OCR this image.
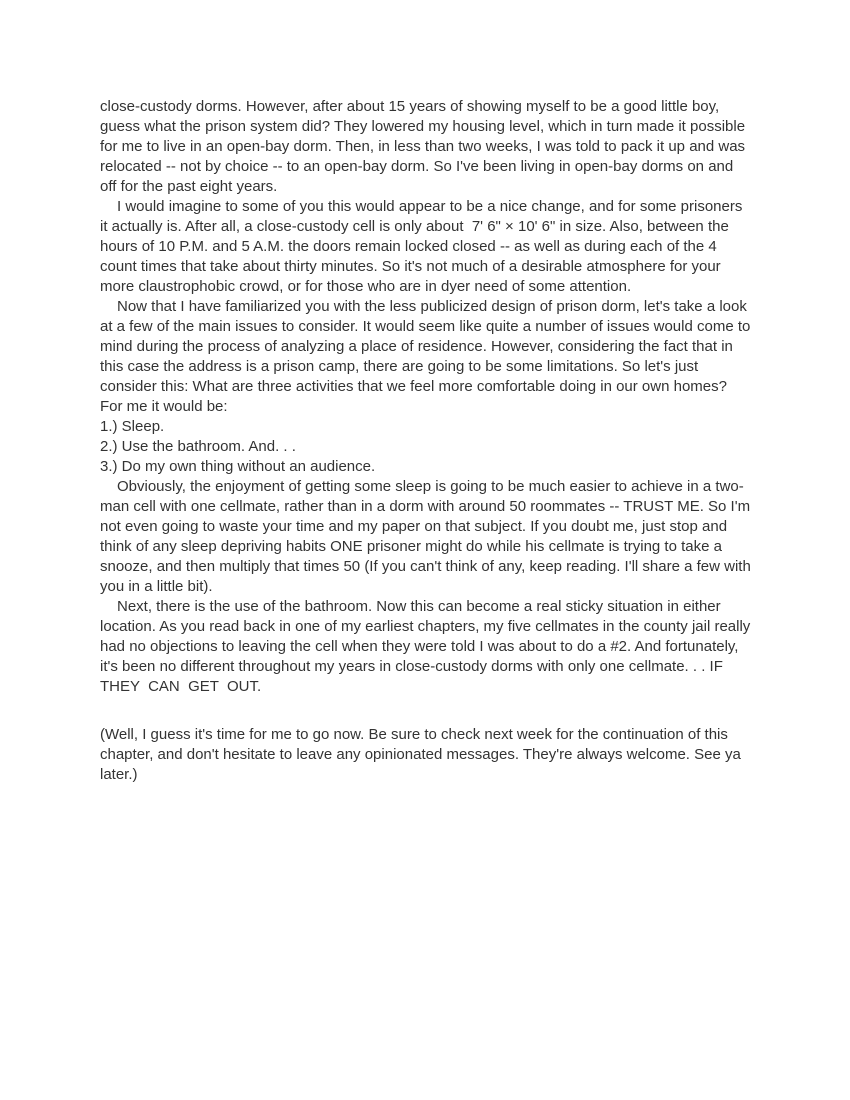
close-custody dorms. However, after about 15 years of showing myself to be a good little boy, guess what the prison system did? They lowered my housing level, which in turn made it possible for me to live in an open-bay dorm. Then, in less than two weeks, I was told to pack it up and was relocated -- not by choice -- to an open-bay dorm. So I've been living in open-bay dorms on and off for the past eight years.

I would imagine to some of you this would appear to be a nice change, and for some prisoners it actually is. After all, a close-custody cell is only about  7' 6" × 10' 6" in size. Also, between the hours of 10 P.M. and 5 A.M. the doors remain locked closed -- as well as during each of the 4 count times that take about thirty minutes. So it's not much of a desirable atmosphere for your more claustrophobic crowd, or for those who are in dyer need of some attention.

Now that I have familiarized you with the less publicized design of prison dorm, let's take a look at a few of the main issues to consider. It would seem like quite a number of issues would come to mind during the process of analyzing a place of residence. However, considering the fact that in this case the address is a prison camp, there are going to be some limitations. So let's just consider this: What are three activities that we feel more comfortable doing in our own homes? For me it would be:

1.) Sleep.

2.) Use the bathroom. And. . .

3.) Do my own thing without an audience.

Obviously, the enjoyment of getting some sleep is going to be much easier to achieve in a two-man cell with one cellmate, rather than in a dorm with around 50 roommates -- TRUST ME. So I'm not even going to waste your time and my paper on that subject. If you doubt me, just stop and think of any sleep depriving habits ONE prisoner might do while his cellmate is trying to take a snooze, and then multiply that times 50 (If you can't think of any, keep reading. I'll share a few with you in a little bit).

Next, there is the use of the bathroom. Now this can become a real sticky situation in either location. As you read back in one of my earliest chapters, my five cellmates in the county jail really had no objections to leaving the cell when they were told I was about to do a #2. And fortunately, it's been no different throughout my years in close-custody dorms with only one cellmate. . . IF  THEY  CAN  GET  OUT.

(Well, I guess it's time for me to go now. Be sure to check next week for the continuation of this chapter, and don't hesitate to leave any opinionated messages. They're always welcome. See ya later.)
